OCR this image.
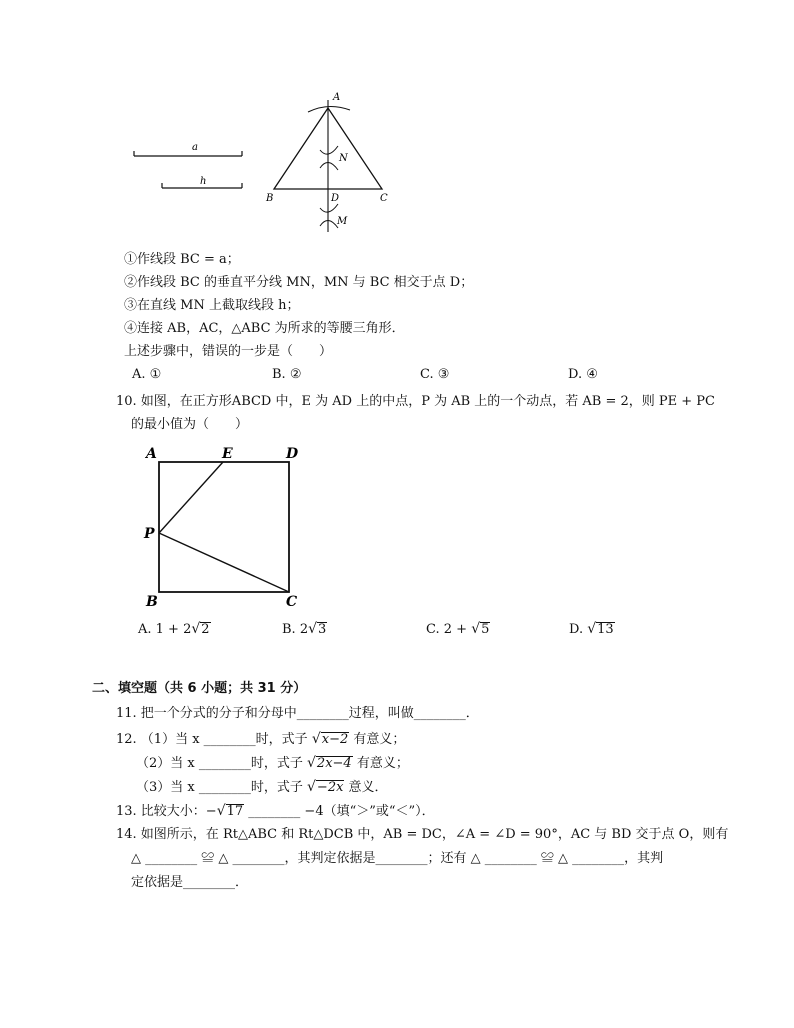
a
h
A
N
B	D	C
M
①作线段 BC = a；
②作线段 BC 的垂直平分线 MN，MN 与 BC 相交于点 D；
③在直线 MN 上截取线段 h；
④连接 AB，AC，△ABC 为所求的等腰三角形．
上述步骤中，错误的一步是（　　）
A. ①	B. ②	C. ③	D. ④
10. 如图，在正方形ABCD 中，E 为 AD 上的中点，P 为 AB 上的一个动点，若 AB = 2，则 PE + PC
的最小值为（　　）
A	E	D
P
B	C
A. 1 + 2√2	B. 2√3	C. 2 + √5	D. √13
二、填空题（共 6 小题；共 31 分）
11. 把一个分式的分子和分母中________过程，叫做________．
12. （1）当 x ________时，式子 √x−2 有意义；
（2）当 x ________时，式子 √2x−4 有意义；
（3）当 x ________时，式子 √−2x 意义．
13. 比较大小：−√17 ________ −4（填“＞”或“＜”）．
14. 如图所示，在 Rt△ABC 和 Rt△DCB 中，AB = DC，∠A = ∠D = 90°，AC 与 BD 交于点 O，则有
△ ________ ≌ △ ________，其判定依据是________；还有 △ ________ ≌ △ ________，其判
定依据是________．
